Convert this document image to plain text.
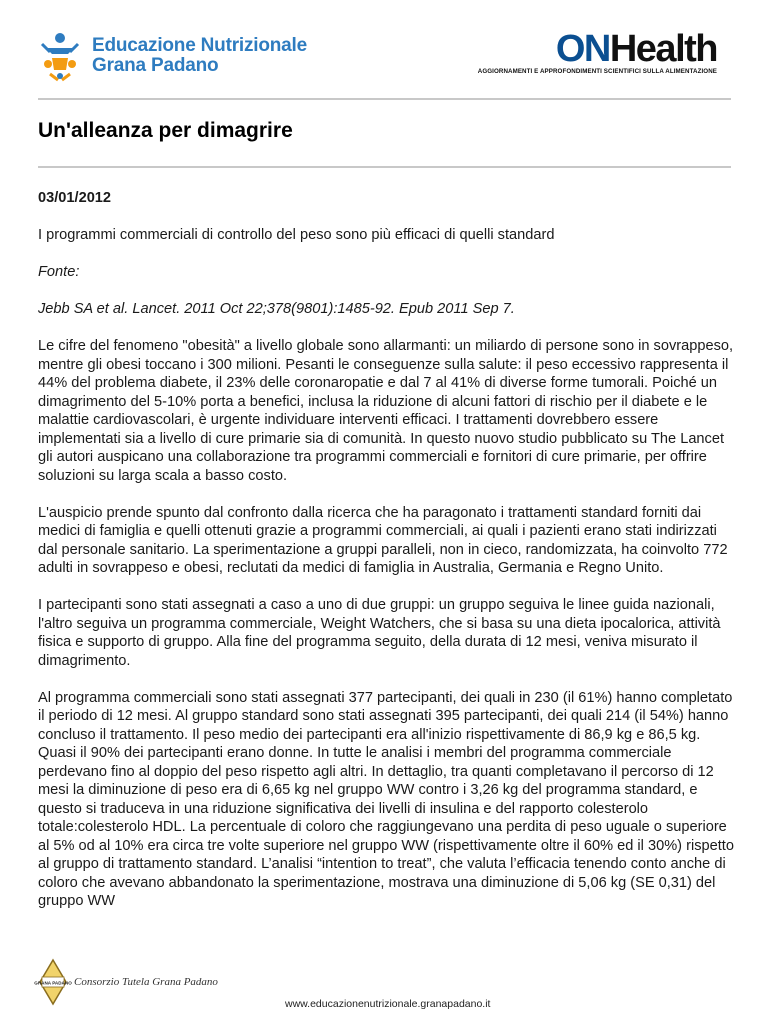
Educazione Nutrizionale
Grana Padano	ONHealth
AGGIORNAMENTI E APPROFONDIMENTI SCIENTIFICI SULLA ALIMENTAZIONE
Un'alleanza per dimagrire

03/01/2012

I programmi commerciali di controllo del peso sono più efficaci di quelli standard

Fonte:

Jebb SA et al. Lancet. 2011 Oct 22;378(9801):1485-92. Epub 2011 Sep 7.

Le cifre del fenomeno "obesità" a livello globale sono allarmanti: un miliardo di persone sono in sovrappeso, mentre gli obesi toccano i 300 milioni. Pesanti le conseguenze sulla salute: il peso eccessivo rappresenta il 44% del problema diabete, il 23% delle coronaropatie e dal 7 al 41% di diverse forme tumorali. Poiché un dimagrimento del 5-10% porta a benefici, inclusa la riduzione di alcuni fattori di rischio per il diabete e le malattie cardiovascolari, è urgente individuare interventi efficaci. I trattamenti dovrebbero essere implementati sia a livello di cure primarie sia di comunità. In questo nuovo studio pubblicato su The Lancet gli autori auspicano una collaborazione tra programmi commerciali e fornitori di cure primarie, per offrire soluzioni su larga scala a basso costo.

L'auspicio prende spunto dal confronto dalla ricerca che ha paragonato i trattamenti standard forniti dai medici di famiglia e quelli ottenuti grazie a programmi commerciali, ai quali i pazienti erano stati indirizzati dal personale sanitario. La sperimentazione a gruppi paralleli, non in cieco, randomizzata, ha coinvolto 772 adulti in sovrappeso e obesi, reclutati da medici di famiglia in Australia, Germania e Regno Unito.

I partecipanti sono stati assegnati a caso a uno di due gruppi: un gruppo seguiva le linee guida nazionali, l'altro seguiva un programma commerciale, Weight Watchers, che si basa su una dieta ipocalorica, attività fisica e supporto di gruppo. Alla fine del programma seguito, della durata di 12 mesi, veniva misurato il dimagrimento.

Al programma commerciali sono stati assegnati 377 partecipanti, dei quali in 230 (il 61%) hanno completato il periodo di 12 mesi. Al gruppo standard sono stati assegnati 395 partecipanti, dei quali 214 (il 54%) hanno concluso il trattamento. Il peso medio dei partecipanti era all'inizio rispettivamente di 86,9 kg e 86,5 kg. Quasi il 90% dei partecipanti erano donne. In tutte le analisi i membri del programma commerciale perdevano fino al doppio del peso rispetto agli altri. In dettaglio, tra quanti completavano il percorso di 12 mesi la diminuzione di peso era di 6,65 kg nel gruppo WW contro i 3,26 kg del programma standard, e questo si traduceva in una riduzione significativa dei livelli di insulina e del rapporto colesterolo totale:colesterolo HDL. La percentuale di coloro che raggiungevano una perdita di peso uguale o superiore al 5% od al 10% era circa tre volte superiore nel gruppo WW (rispettivamente oltre il 60% ed il 30%) rispetto al gruppo di trattamento standard. L’analisi “intention to treat”, che valuta l’efficacia tenendo conto anche di coloro che avevano abbandonato la sperimentazione, mostrava una diminuzione di 5,06 kg (SE 0,31) del gruppo WW

GRANA PADANO Consorzio Tutela Grana Padano
www.educazionenutrizionale.granapadano.it
